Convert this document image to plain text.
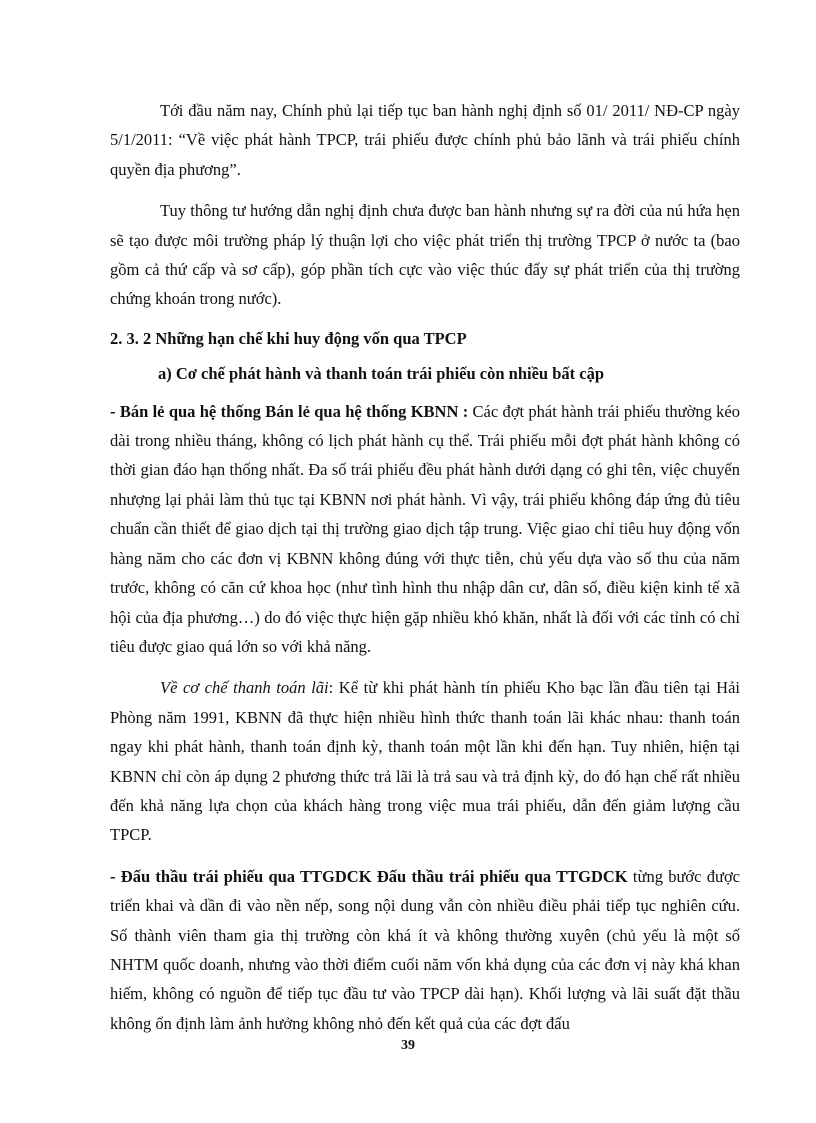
Tới đầu năm nay, Chính phủ lại tiếp tục ban hành nghị định số 01/ 2011/ NĐ-CP ngày 5/1/2011: “Về việc phát hành TPCP, trái phiếu được chính phủ bảo lãnh và trái phiếu chính quyền địa phương”.

Tuy thông tư hướng dẫn nghị định chưa được ban hành nhưng sự ra đời của nú hứa hẹn sẽ tạo được môi trường pháp lý thuận lợi cho việc phát triển thị trường TPCP ở nước ta (bao gồm cả thứ cấp và sơ cấp), góp phần tích cực vào việc thúc đẩy sự phát triển của thị trường chứng khoán trong nước).

2. 3. 2 Những hạn chế khi huy động vốn qua TPCP

a) Cơ chế phát hành và thanh toán trái phiếu còn nhiều bất cập

- Bán lẻ qua hệ thống Bán lẻ qua hệ thống KBNN : Các đợt phát hành trái phiếu thường kéo dài trong nhiều tháng, không có lịch phát hành cụ thể. Trái phiếu mỗi đợt phát hành không có thời gian đáo hạn thống nhất. Đa số trái phiếu đều phát hành dưới dạng có ghi tên, việc chuyển nhượng lại phải làm thủ tục tại KBNN nơi phát hành. Vì vậy, trái phiếu không đáp ứng đủ tiêu chuẩn cần thiết để giao dịch tại thị trường giao dịch tập trung. Việc giao chỉ tiêu huy động vốn hàng năm cho các đơn vị KBNN không đúng với thực tiễn, chủ yếu dựa vào số thu của năm trước, không có căn cứ khoa học (như tình hình thu nhập dân cư, dân số, điều kiện kinh tế xã hội của địa phương…) do đó việc thực hiện gặp nhiều khó khăn, nhất là đối với các tỉnh có chỉ tiêu được giao quá lớn so với khả năng.

Về cơ chế thanh toán lãi: Kể từ khi phát hành tín phiếu Kho bạc lần đầu tiên tại Hải Phòng năm 1991, KBNN đã thực hiện nhiều hình thức thanh toán lãi khác nhau: thanh toán ngay khi phát hành, thanh toán định kỳ, thanh toán một lần khi đến hạn. Tuy nhiên, hiện tại KBNN chỉ còn áp dụng 2 phương thức trả lãi là trả sau và trả định kỳ, do đó hạn chế rất nhiều đến khả năng lựa chọn của khách hàng trong việc mua trái phiếu, dẫn đến giảm lượng cầu TPCP.

- Đấu thầu trái phiếu qua TTGDCK Đấu thầu trái phiếu qua TTGDCK từng bước được triển khai và dần đi vào nền nếp, song nội dung vẫn còn nhiều điều phải tiếp tục nghiên cứu. Số thành viên tham gia thị trường còn khá ít và không thường xuyên (chủ yếu là một số NHTM quốc doanh, nhưng vào thời điểm cuối năm vốn khả dụng của các đơn vị này khá khan hiếm, không có nguồn để tiếp tục đầu tư vào TPCP dài hạn). Khối lượng và lãi suất đặt thầu không ổn định làm ảnh hưởng không nhỏ đến kết quả của các đợt đấu

39
